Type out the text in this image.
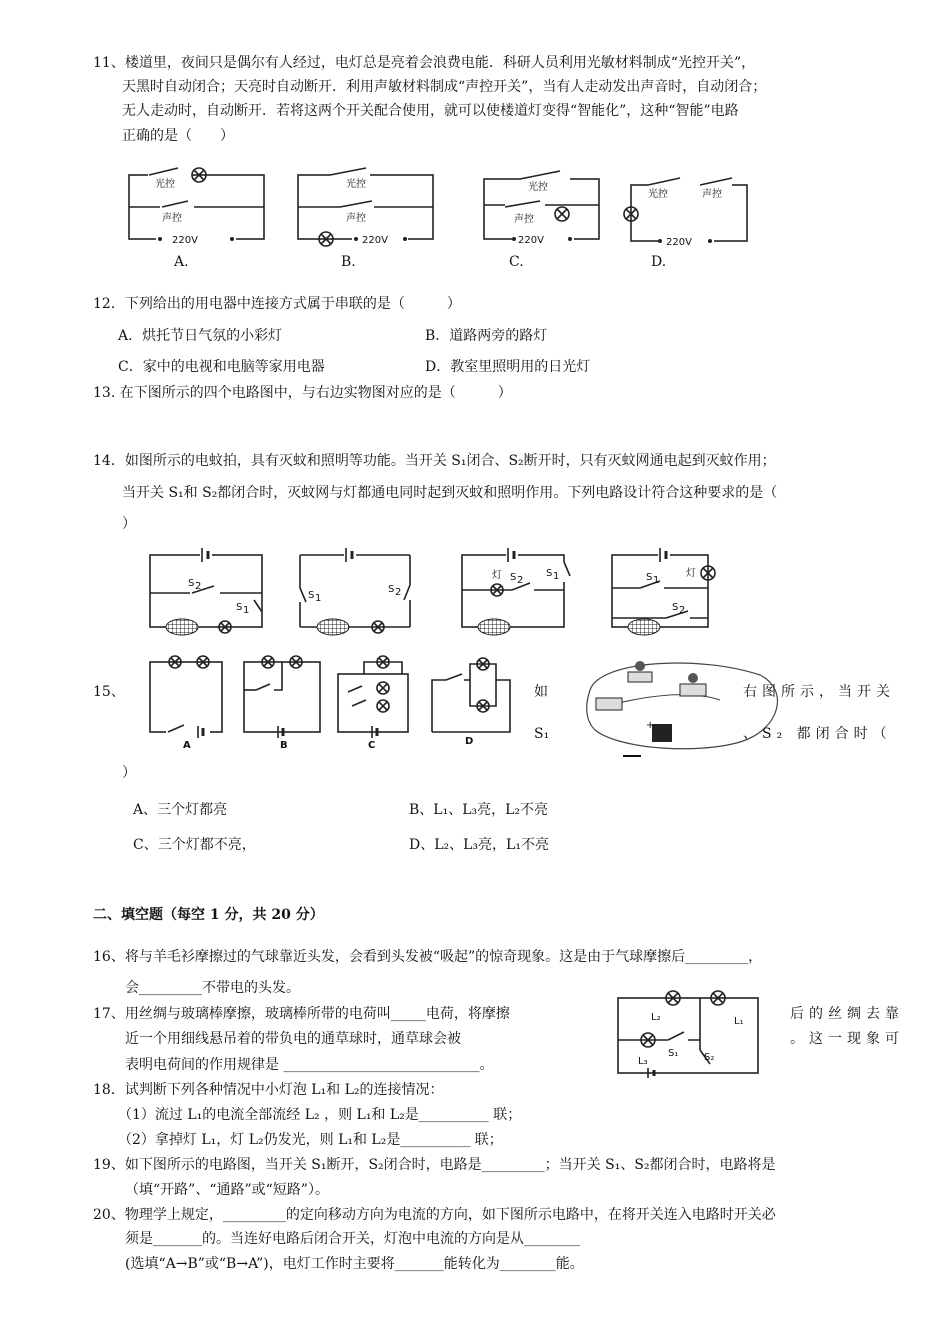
11、楼道里，夜间只是偶尔有人经过，电灯总是亮着会浪费电能．科研人员利用光敏材料制成“光控开关”，
天黑时自动闭合；天亮时自动断开．利用声敏材料制成“声控开关”，当有人走动发出声音时，自动闭合；
无人走动时，自动断开．若将这两个开关配合使用，就可以使楼道灯变得“智能化”，这种“智能”电路
正确的是（　　）
光控
声控
220V
光控
声控
220V
光控
声控
220V
光控	声控
220V
A.	B.	C.	D.
12．下列给出的用电器中连接方式属于串联的是（　　　）
A．烘托节日气氛的小彩灯	B．道路两旁的路灯
C．家中的电视和电脑等家用电器	D．教室里照明用的日光灯
13. 在下图所示的四个电路图中，与右边实物图对应的是（　　　）
14．如图所示的电蚊拍，具有灭蚊和照明等功能。当开关 S₁闭合、S₂断开时，只有灭蚊网通电起到灭蚊作用；
当开关 S₁和 S₂都闭合时，灭蚊网与灯都通电同时起到灭蚊和照明作用。下列电路设计符合这种要求的是（
）
S 2
S 1
S 1
S 2
灯 S 2
S 1	S 1
灯
S 2
15、
A	B	C	D
+
如	右图所示，当开关
S₁	、S₂ 都闭合时（
）
A、三个灯都亮	B、L₁、L₃亮，L₂不亮
C、三个灯都不亮，	D、L₂、L₃亮，L₁不亮
二、填空题（每空 1 分，共 20 分）
16、将与羊毛衫摩擦过的气球靠近头发，会看到头发被“吸起”的惊奇现象。这是由于气球摩擦后_________，
会_________不带电的头发。
17、用丝绸与玻璃棒摩擦，玻璃棒所带的电荷叫_____电荷，将摩擦	后的丝绸去靠
近一个用细线悬吊着的带负电的通草球时，通草球会被	。这一现象可
表明电荷间的作用规律是 ____________________________。
L₂	L₁
L₃
S₁	S₂
18．试判断下列各种情况中小灯泡 L₁和 L₂的连接情况：
（1）流过 L₁的电流全部流经 L₂ ，则 L₁和 L₂是__________ 联；
（2）拿掉灯 L₁，灯 L₂仍发光，则 L₁和 L₂是__________ 联；
19、如下图所示的电路图，当开关 S₁断开，S₂闭合时，电路是_________；当开关 S₁、S₂都闭合时，电路将是
（填“开路”、“通路”或“短路”）。
20、物理学上规定，_________的定向移动方向为电流的方向，如下图所示电路中，在将开关连入电路时开关必
须是_______的。当连好电路后闭合开关，灯泡中电流的方向是从________
(选填“A→B”或“B→A”)，电灯工作时主要将_______能转化为________能。
